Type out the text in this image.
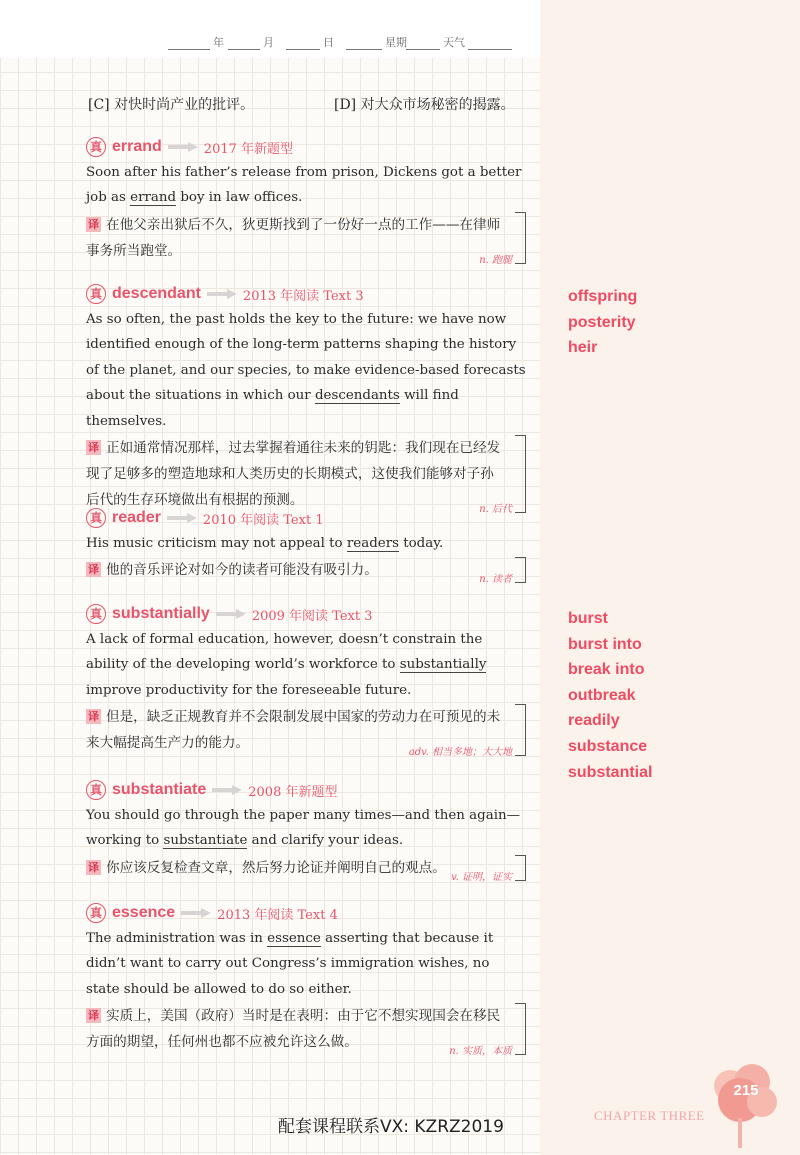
年	月	日	星期	天气
[C] 对快时尚产业的批评。	[D] 对大众市场秘密的揭露。
真 errand	2017 年新题型
Soon after his father’s release from prison, Dickens got a better job as errand boy in law offices.
译 在他父亲出狱后不久，狄更斯找到了一份好一点的工作——在律师事务所当跑堂。
n. 跑腿
真 descendant	2013 年阅读 Text 3
As so often, the past holds the key to the future: we have now identified enough of the long-term patterns shaping the history of the planet, and our species, to make evidence-based forecasts about the situations in which our descendants will find themselves.
译 正如通常情况那样，过去掌握着通往未来的钥匙：我们现在已经发现了足够多的塑造地球和人类历史的长期模式，这使我们能够对子孙后代的生存环境做出有根据的预测。
n. 后代
真 reader	2010 年阅读 Text 1
His music criticism may not appeal to readers today.
译 他的音乐评论对如今的读者可能没有吸引力。
n. 读者
真 substantially	2009 年阅读 Text 3
A lack of formal education, however, doesn’t constrain the ability of the developing world’s workforce to substantially improve productivity for the foreseeable future.
译 但是，缺乏正规教育并不会限制发展中国家的劳动力在可预见的未来大幅提高生产力的能力。
adv. 相当多地；大大地
真 substantiate	2008 年新题型
You should go through the paper many times—and then again—working to substantiate and clarify your ideas.
译 你应该反复检查文章，然后努力论证并阐明自己的观点。
v. 证明，证实
真 essence	2013 年阅读 Text 4
The administration was in essence asserting that because it didn’t want to carry out Congress’s immigration wishes, no state should be allowed to do so either.
译 实质上，美国（政府）当时是在表明：由于它不想实现国会在移民方面的期望，任何州也都不应被允许这么做。
n. 实质，本质
offspring
posterity
heir
burst
burst into
break into
outbreak
readily
substance
substantial
配套课程联系VX: KZRZ2019
CHAPTER THREE
215
